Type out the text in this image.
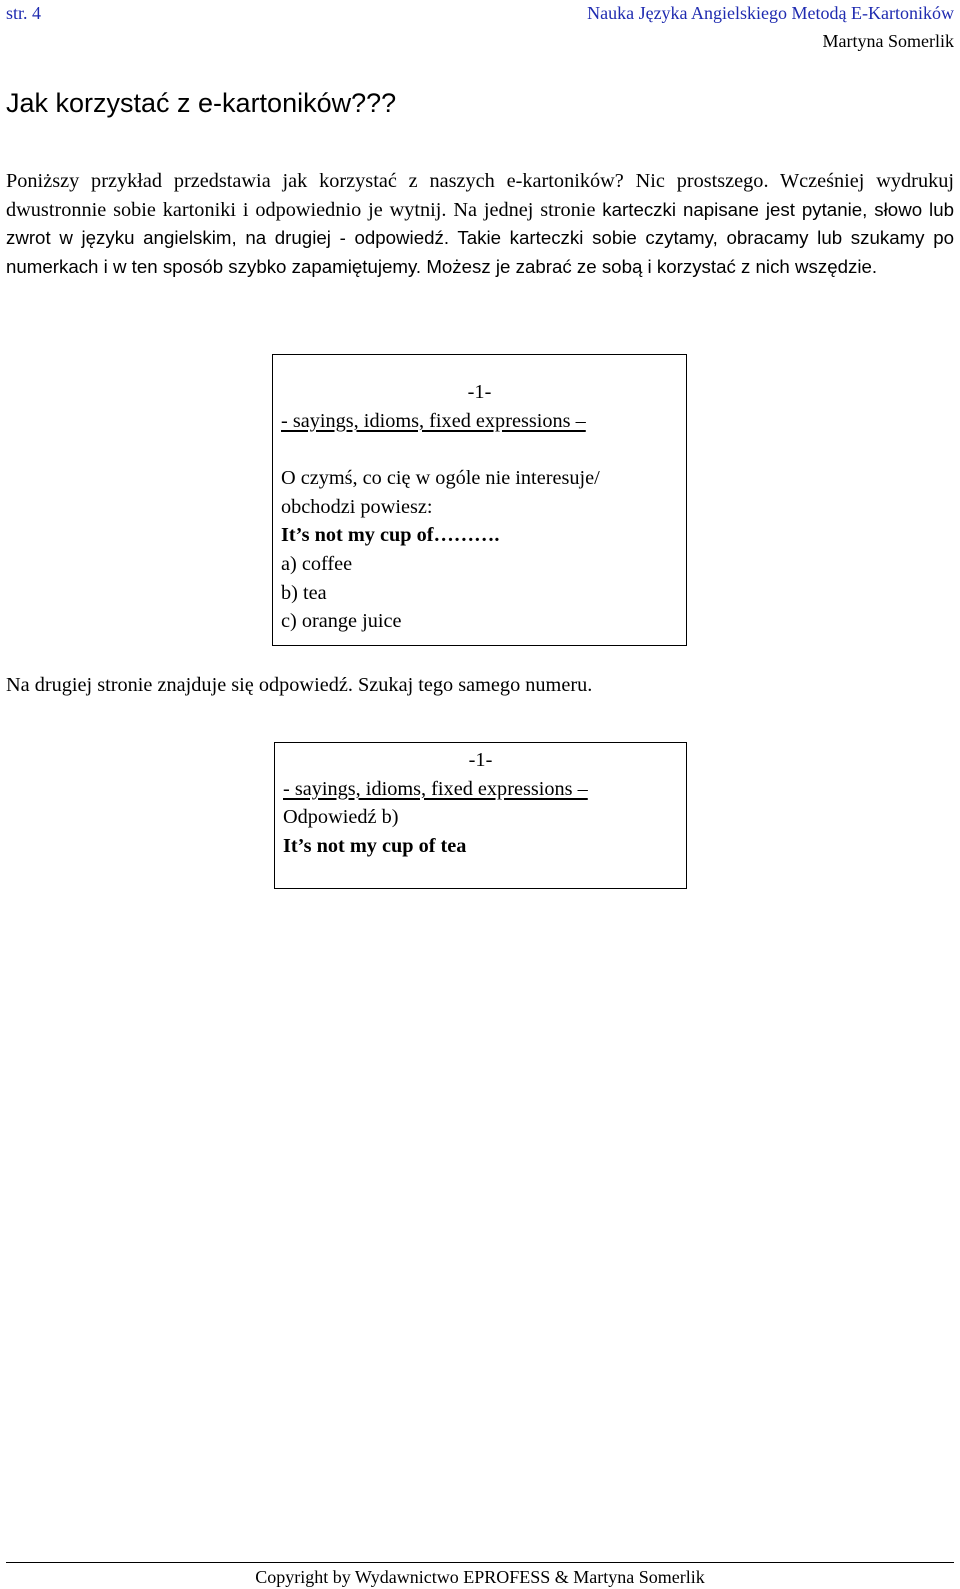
str. 4	Nauka Języka Angielskiego Metodą E-Kartoników
Martyna Somerlik
Jak korzystać z e-kartoników???

Poniższy przykład przedstawia jak korzystać z naszych e-kartoników? Nic prostszego. Wcześniej wydrukuj dwustronnie sobie kartoniki i odpowiednio je wytnij. Na jednej stronie karteczki napisane jest pytanie, słowo lub zwrot w języku angielskim, na drugiej - odpowiedź. Takie karteczki sobie czytamy, obracamy lub szukamy po numerkach i w ten sposób szybko zapamiętujemy. Możesz je zabrać ze sobą i korzystać z nich wszędzie.

-1-
- sayings, idioms, fixed expressions –
O czymś, co cię w ogóle nie interesuje/ obchodzi powiesz:
It’s not my cup of……….
a) coffee
b) tea
c) orange juice

Na drugiej stronie znajduje się odpowiedź. Szukaj tego samego numeru.

-1-
- sayings, idioms, fixed expressions –
Odpowiedź b)
It’s not my cup of tea
Copyright by Wydawnictwo EPROFESS & Martyna Somerlik
